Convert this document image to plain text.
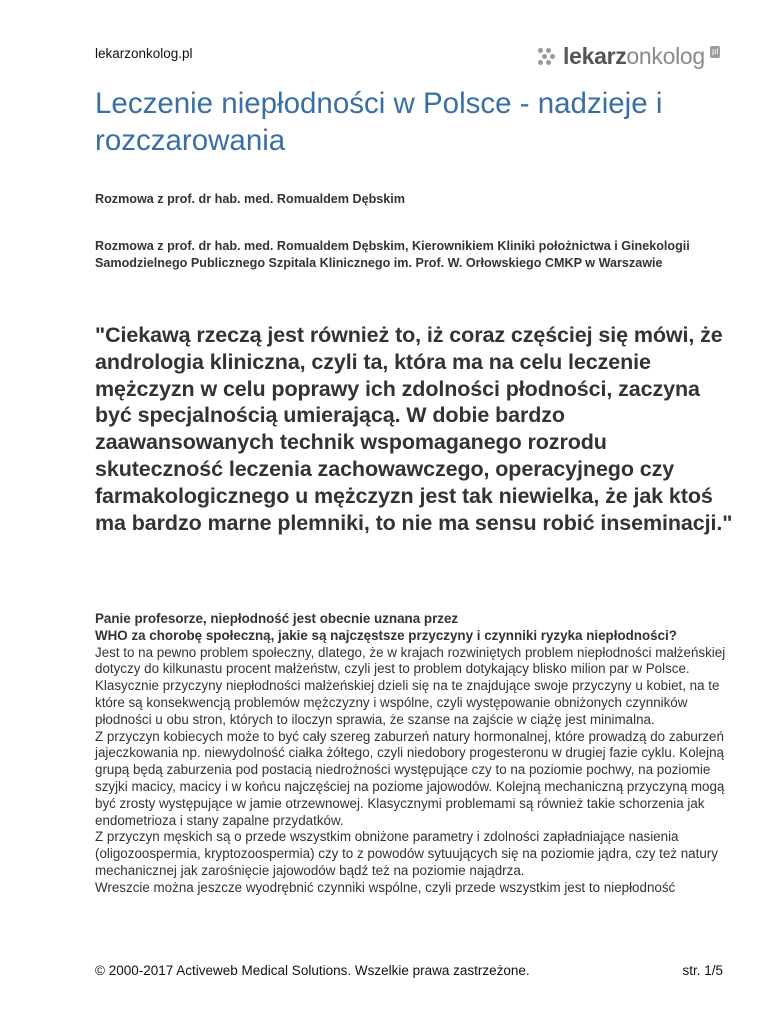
lekarzonkolog.pl	lekarzonkolog pl
Leczenie niepłodności w Polsce - nadzieje i rozczarowania
Rozmowa z prof. dr hab. med. Romualdem Dębskim
Rozmowa z prof. dr hab. med. Romualdem Dębskim, Kierownikiem Kliniki położnictwa i Ginekologii Samodzielnego Publicznego Szpitala Klinicznego im. Prof. W. Orłowskiego CMKP w Warszawie
"Ciekawą rzeczą jest również to, iż coraz częściej się mówi, że andrologia kliniczna, czyli ta, która ma na celu leczenie mężczyzn w celu poprawy ich zdolności płodności, zaczyna być specjalnością umierającą. W dobie bardzo zaawansowanych technik wspomaganego rozrodu skuteczność leczenia zachowawczego, operacyjnego czy farmakologicznego u mężczyzn jest tak niewielka, że jak ktoś ma bardzo marne plemniki, to nie ma sensu robić inseminacji."
Panie profesorze, niepłodność jest obecnie uznana przez
WHO za chorobę społeczną, jakie są najczęstsze przyczyny i czynniki ryzyka niepłodności?

Jest to na pewno problem społeczny, dlatego, że w krajach rozwiniętych problem niepłodności małżeńskiej dotyczy do kilkunastu procent małżeństw, czyli jest to problem dotykający blisko milion par w Polsce.

Klasycznie przyczyny niepłodności małżeńskiej dzieli się na te znajdujące swoje przyczyny u kobiet, na te które są konsekwencją problemów mężczyzny i wspólne, czyli występowanie obniżonych czynników płodności u obu stron, których to iloczyn sprawia, że szanse na zajście w ciążę jest minimalna.

Z przyczyn kobiecych może to być cały szereg zaburzeń natury hormonalnej, które prowadzą do zaburzeń jajeczkowania np. niewydolność ciałka żółtego, czyli niedobory progesteronu w drugiej fazie cyklu. Kolejną grupą będą zaburzenia pod postacią niedrożności występujące czy to na poziomie pochwy, na poziomie szyjki macicy, macicy i w końcu najczęściej na poziome jajowodów. Kolejną mechaniczną przyczyną mogą być zrosty występujące w jamie otrzewnowej. Klasycznymi problemami są również takie schorzenia jak endometrioza i stany zapalne przydatków.

Z przyczyn męskich są o przede wszystkim obniżone parametry i zdolności zapładniające nasienia (oligozoospermia, kryptozoospermia) czy to z powodów sytuujących się na poziomie jądra, czy też natury mechanicznej jak zarośnięcie jajowodów bądź też na poziomie najądrza.

Wreszcie można jeszcze wyodrębnić czynniki wspólne, czyli przede wszystkim jest to niepłodność

© 2000-2017 Activeweb Medical Solutions. Wszelkie prawa zastrzeżone.	str. 1/5
